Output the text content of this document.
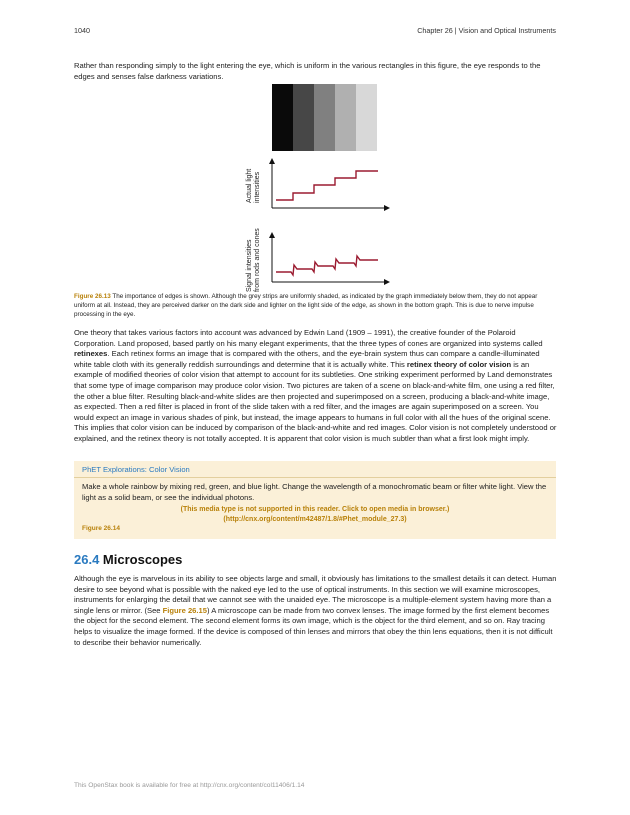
1040	Chapter 26 | Vision and Optical Instruments

Rather than responding simply to the light entering the eye, which is uniform in the various rectangles in this figure, the eye responds to the edges and senses false darkness variations.

Actual light intensities
Signal intensities from rods and cones

Figure 26.13 The importance of edges is shown. Although the grey strips are uniformly shaded, as indicated by the graph immediately below them, they do not appear uniform at all. Instead, they are perceived darker on the dark side and lighter on the light side of the edge, as shown in the bottom graph. This is due to nerve impulse processing in the eye.

One theory that takes various factors into account was advanced by Edwin Land (1909 – 1991), the creative founder of the Polaroid Corporation. Land proposed, based partly on his many elegant experiments, that the three types of cones are organized into systems called retinexes. Each retinex forms an image that is compared with the others, and the eye-brain system thus can compare a candle-illuminated white table cloth with its generally reddish surroundings and determine that it is actually white. This retinex theory of color vision is an example of modified theories of color vision that attempt to account for its subtleties. One striking experiment performed by Land demonstrates that some type of image comparison may produce color vision. Two pictures are taken of a scene on black-and-white film, one using a red filter, the other a blue filter. Resulting black-and-white slides are then projected and superimposed on a screen, producing a black-and-white image, as expected. Then a red filter is placed in front of the slide taken with a red filter, and the images are again superimposed on a screen. You would expect an image in various shades of pink, but instead, the image appears to humans in full color with all the hues of the original scene. This implies that color vision can be induced by comparison of the black-and-white and red images. Color vision is not completely understood or explained, and the retinex theory is not totally accepted. It is apparent that color vision is much subtler than what a first look might imply.

PhET Explorations: Color Vision
Make a whole rainbow by mixing red, green, and blue light. Change the wavelength of a monochromatic beam or filter white light. View the light as a solid beam, or see the individual photons.
(This media type is not supported in this reader. Click to open media in browser.) (http://cnx.org/content/m42487/1.8/#Phet_module_27.3)
Figure 26.14
26.4 Microscopes

Although the eye is marvelous in its ability to see objects large and small, it obviously has limitations to the smallest details it can detect. Human desire to see beyond what is possible with the naked eye led to the use of optical instruments. In this section we will examine microscopes, instruments for enlarging the detail that we cannot see with the unaided eye. The microscope is a multiple-element system having more than a single lens or mirror. (See Figure 26.15) A microscope can be made from two convex lenses. The image formed by the first element becomes the object for the second element. The second element forms its own image, which is the object for the third element, and so on. Ray tracing helps to visualize the image formed. If the device is composed of thin lenses and mirrors that obey the thin lens equations, then it is not difficult to describe their behavior numerically.

This OpenStax book is available for free at http://cnx.org/content/col11406/1.14
